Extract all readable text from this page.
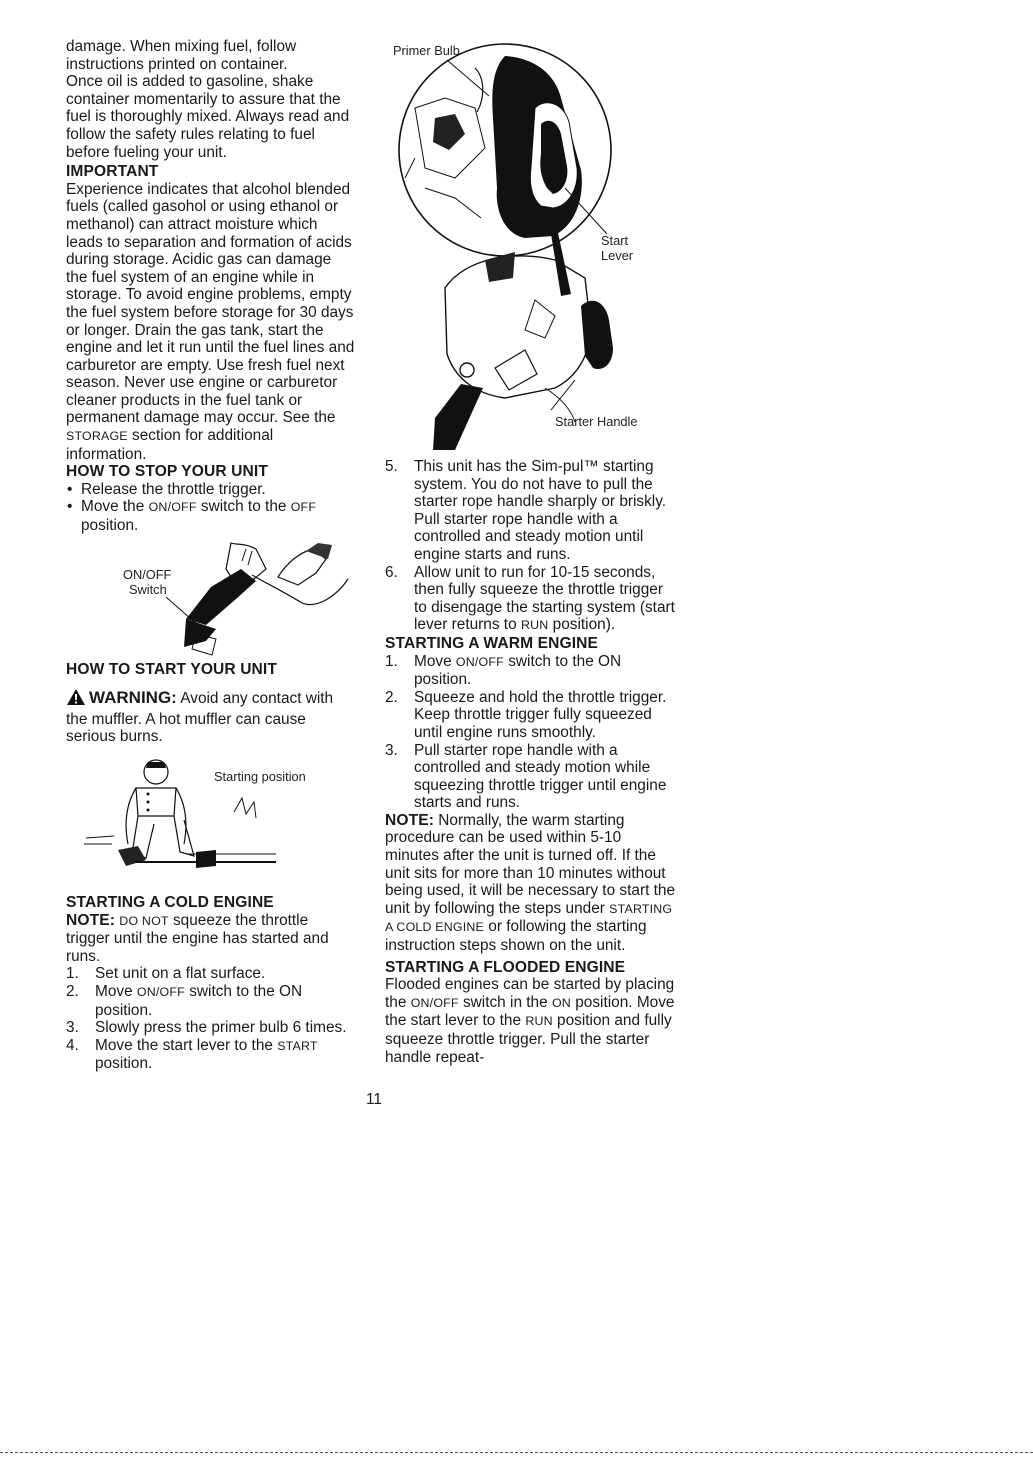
damage. When mixing fuel, follow instructions printed on container.

Once oil is added to gasoline, shake container momentarily to assure that the fuel is thoroughly mixed. Always read and follow the safety rules relating to fuel before fueling your unit.

IMPORTANT

Experience indicates that alcohol blended fuels (called gasohol or using ethanol or methanol) can attract moisture which leads to separation and formation of acids during storage. Acidic gas can damage the fuel system of an engine while in storage. To avoid engine problems, empty the fuel system before storage for 30 days or longer. Drain the gas tank, start the engine and let it run until the fuel lines and carburetor are empty. Use fresh fuel next season. Never use engine or carburetor cleaner products in the fuel tank or permanent damage may occur. See the STORAGE section for additional information.

HOW TO STOP YOUR UNIT

• Release the throttle trigger.
• Move the ON/OFF switch to the OFF position.
ON/OFF
Switch

HOW TO START YOUR UNIT

WARNING: Avoid any contact with the muffler. A hot muffler can cause serious burns.

Starting position

STARTING A COLD ENGINE

NOTE: DO NOT squeeze the throttle trigger until the engine has started and runs.

1. Set unit on a flat surface.
2. Move ON/OFF switch to the ON position.
3. Slowly press the primer bulb 6 times.
4. Move the start lever to the START position.
Primer Bulb
Start
Lever
Starter Handle
5. This unit has the Sim-pul™ starting system. You do not have to pull the starter rope handle sharply or briskly. Pull starter rope handle with a controlled and steady motion until engine starts and runs.
6. Allow unit to run for 10-15 seconds, then fully squeeze the throttle trigger to disengage the starting system (start lever returns to RUN position).

STARTING A WARM ENGINE

1. Move ON/OFF switch to the ON position.
2. Squeeze and hold the throttle trigger. Keep throttle trigger fully squeezed until engine runs smoothly.
3. Pull starter rope handle with a controlled and steady motion while squeezing throttle trigger until engine starts and runs.

NOTE: Normally, the warm starting procedure can be used within 5-10 minutes after the unit is turned off. If the unit sits for more than 10 minutes without being used, it will be necessary to start the unit by following the steps under STARTING A COLD ENGINE or following the starting instruction steps shown on the unit.

STARTING A FLOODED ENGINE

Flooded engines can be started by placing the ON/OFF switch in the ON position. Move the start lever to the RUN position and fully squeeze throttle trigger. Pull the starter handle repeat-

11
